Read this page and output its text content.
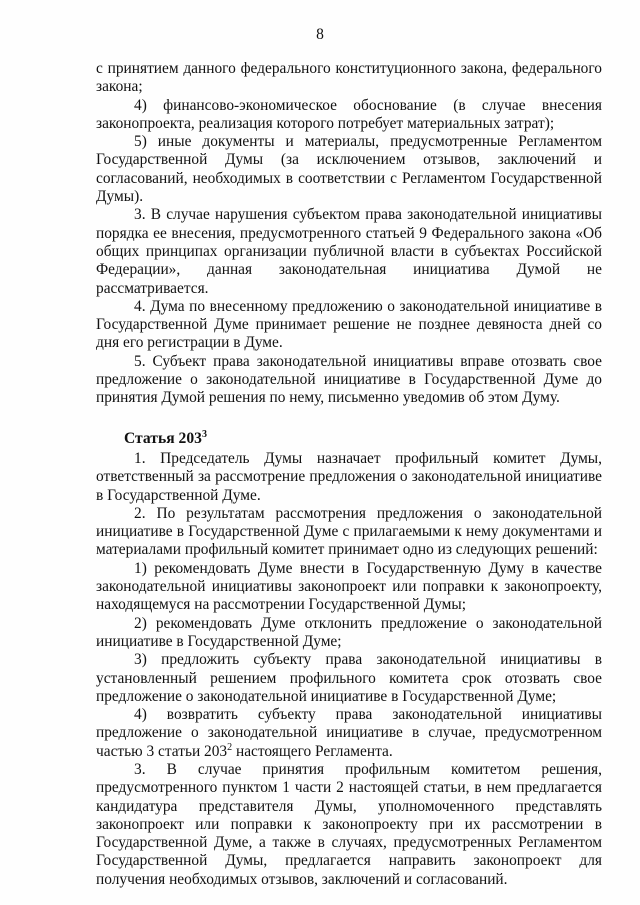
8

с принятием данного федерального конституционного закона, федерального закона;

4) финансово-экономическое обоснование (в случае внесения законопроекта, реализация которого потребует материальных затрат);

5) иные документы и материалы, предусмотренные Регламентом Государственной Думы (за исключением отзывов, заключений и согласований, необходимых в соответствии с Регламентом Государственной Думы).

3. В случае нарушения субъектом права законодательной инициативы порядка ее внесения, предусмотренного статьей 9 Федерального закона «Об общих принципах организации публичной власти в субъектах Российской Федерации», данная законодательная инициатива Думой не рассматривается.

4. Дума по внесенному предложению о законодательной инициативе в Государственной Думе принимает решение не позднее девяноста дней со дня его регистрации в Думе.

5. Субъект права законодательной инициативы вправе отозвать свое предложение о законодательной инициативе в Государственной Думе до принятия Думой решения по нему, письменно уведомив об этом Думу.

Статья $203^3$

1. Председатель Думы назначает профильный комитет Думы, ответственный за рассмотрение предложения о законодательной инициативе в Государственной Думе.

2. По результатам рассмотрения предложения о законодательной инициативе в Государственной Думе с прилагаемыми к нему документами и материалами профильный комитет принимает одно из следующих решений:

1) рекомендовать Думе внести в Государственную Думу в качестве законодательной инициативы законопроект или поправки к законопроекту, находящемуся на рассмотрении Государственной Думы;

2) рекомендовать Думе отклонить предложение о законодательной инициативе в Государственной Думе;

3) предложить субъекту права законодательной инициативы в установленный решением профильного комитета срок отозвать свое предложение о законодательной инициативе в Государственной Думе;

4) возвратить субъекту права законодательной инициативы предложение о законодательной инициативе в случае, предусмотренном частью 3 статьи $203^2$ настоящего Регламента.

3. В случае принятия профильным комитетом решения, предусмотренного пунктом 1 части 2 настоящей статьи, в нем предлагается кандидатура представителя Думы, уполномоченного представлять законопроект или поправки к законопроекту при их рассмотрении в Государственной Думе, а также в случаях, предусмотренных Регламентом Государственной Думы, предлагается направить законопроект для получения необходимых отзывов, заключений и согласований.
